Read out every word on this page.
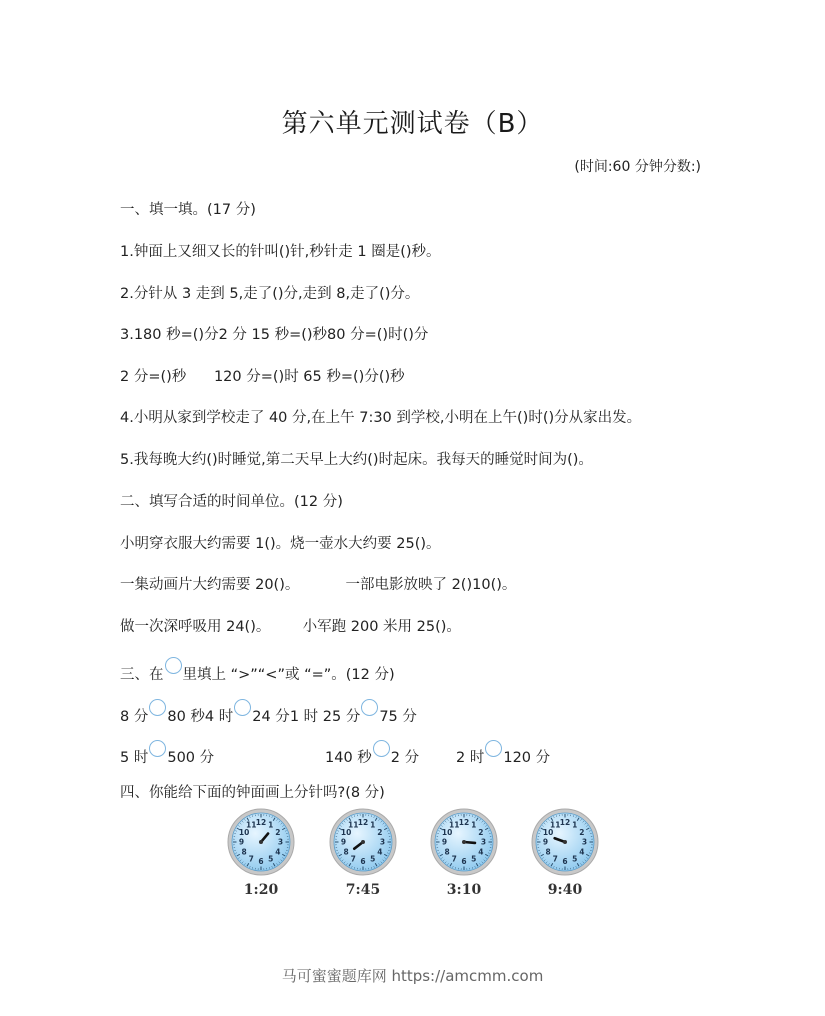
第六单元测试卷（B）
(时间:60 分钟分数:)
一、填一填。(17 分)
1.钟面上又细又长的针叫()针,秒针走 1 圈是()秒。
2.分针从 3 走到 5,走了()分,走到 8,走了()分。
3.180 秒=()分2 分 15 秒=()秒80 分=()时()分
2 分=()秒      120 分=()时 65 秒=()分()秒
4.小明从家到学校走了 40 分,在上午 7:30 到学校,小明在上午()时()分从家出发。
5.我每晚大约()时睡觉,第二天早上大约()时起床。我每天的睡觉时间为()。
二、填写合适的时间单位。(12 分)
小明穿衣服大约需要 1()。烧一壶水大约要 25()。
一集动画片大约需要 20()。          一部电影放映了 2()10()。
做一次深呼吸用 24()。       小军跑 200 米用 25()。
三、在 里填上 “>”“<”或 “=”。(12 分)
8 分 80 秒4 时 24 分1 时 25 分 75 分
5 时 500 分	140 秒 2 分	2 时 120 分
四、你能给下面的钟面画上分针吗?(8 分)
12 1
2
3
4
5
6
7
8
9
10
11
1:20
12 1
2
3
4
5
6
7
8
9
10
11
7:45
12 1
2
3
4
5
6
7
8
9
10
11
3:10
12 1
2
3
4
5
6
7
8
9
10
11
9:40
马可蜜蜜题库网 https://amcmm.com
